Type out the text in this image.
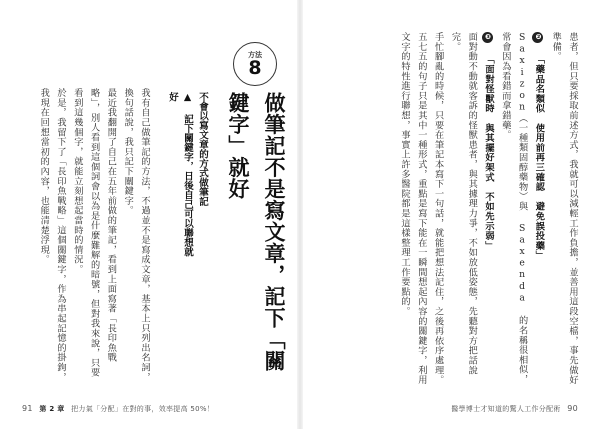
方法
8
做筆記不是寫文章，記下「關鍵字」就好
不會以寫文章的方式做筆記
▲ 記下關鍵字，日後自己可以聯想就好

我有自己做筆記的方法，不過並不是寫成文章，基本上只列出名詞，換句話說，我只記下關鍵字。

最近我翻開了自己在五年前做的筆記，看到上面寫著「長印魚戰略」，別人看到這個詞會以為是什麼難解的暗號，但對我來說，只要看到這幾個字，就能立刻想起當時的情況。

於是，我留下了「長印魚戰略」這個關鍵字，作為串起記憶的掛鉤，我現在回想當初的內容，也能清楚浮現。

91 第 2 章 把力氣「分配」在對的事，效率提高 50%！

患者，但只要採取前述方式，我就可以減輕工作負擔，並善用這段空檔，事先做好準備。

❷ 「藥品名類似　使用前再三確認　避免誤投藥」

Saxizon（一種類固醇藥物）與 Saxenda 的名稱很相似，常會因為看錯而拿錯藥。

❸ 「面對怪獸時　與其擺好架式　不如先示弱」

面對動不動就客訴的怪獸患者，與其據理力爭，不如放低姿態，先聽對方把話說完。

手忙腳亂的時候，只要在筆記本寫下一句話，就能把想法記住，之後再依序處理。

五七五的句子只是其中一種形式，重點是寫下能在一瞬間想起內容的關鍵字，利用文字的特性進行聯想，事實上許多醫院都是這樣整理工作要點的。

醫學博士才知道的驚人工作分配術 90
